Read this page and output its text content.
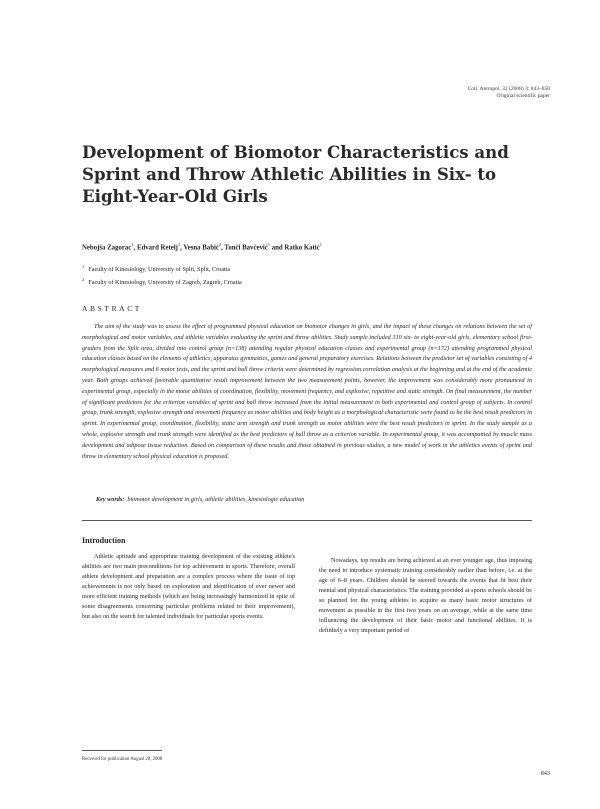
Coll. Antropol. 32 (2008) 3: 843–850
Original scientific paper
Development of Biomotor Characteristics and
Sprint and Throw Athletic Abilities in Six- to
Eight-Year-Old Girls
Nebojša Zagorac$^1$, Edvard Retelj$^1$, Vesna Babić$^2$, Tonči Bavčević$^1$ and Ratko Katić$^1$
$^1$ Faculty of Kinesiology, University of Split, Split, Croatia
$^2$ Faculty of Kinesiology, University of Zagreb, Zagreb, Croatia
ABSTRACT

The aim of the study was to assess the effect of programmed physical education on biomotor changes in girls, and the impact of these changes on relations between the set of morphological and motor variables, and athletic variables evaluating the sprint and throw abilities. Study sample included 310 six- to eight-year-old girls, elementary school first-graders from the Split area, divided into control group (n=138) attending regular physical education classes and experimental group (n=172) attending programmed physical education classes based on the elements of athletics, apparatus gymnastics, games and general preparatory exercises. Relations between the predictor set of variables consisting of 4 morphological measures and 6 motor tests, and the sprint and ball throw criteria were determined by regression correlation analysis at the beginning and at the end of the academic year. Both groups achieved favorable quantitative result improvement between the two measurement points, however, the improvement was considerably more pronounced in experimental group, especially in the motor abilities of coordination, flexibility, movement frequency, and explosive, repetitive and static strength. On final measurement, the number of significant predictors for the criterion variables of sprint and ball throw increased from the initial measurement in both experimental and control group of subjects. In control group, trunk strength, explosive strength and movement frequency as motor abilities and body height as a morphological characteristic were found to be the best result predictors in sprint. In experimental group, coordination, flexibility, static arm strength and trunk strength as motor abilities were the best result predictors in sprint. In the study sample as a whole, explosive strength and trunk strength were identified as the best predictors of ball throw as a criterion variable. In experimental group, it was accompanied by muscle mass development and adipose tissue reduction. Based on comparison of these results and those obtained in previous studies, a new model of work in the athletics events of sprint and throw in elementary school physical education is proposed.

Key words: biomotor development in girls, athletic abilities, kinesiologic education
Introduction

Athletic aptitude and appropriate training development of the existing athlete's abilities are two main preconditions for top achievement in sports. Therefore, overall athlete development and preparation are a complex process where the issue of top achievements is not only based on exploration and identification of ever newer and more efficient training methods (which are being increasingly harmonized in spite of some disagreements concerning particular problems related to their improvement), but also on the search for talented individuals for particular sports events.

Nowadays, top results are being achieved at an ever younger age, thus imposing the need to introduce systematic training considerably earlier than before, i.e. at the age of 6–8 years. Children should be steered towards the events that fit best their mental and physical characteristics. The training provided at sports schools should be so planned for the young athletes to acquire as many basic motor structures of movement as possible in the first two years on an average, while at the same time influencing the development of their basic motor and functional abilities. It is definitely a very important period of

Received for publication August 28, 2008
843
